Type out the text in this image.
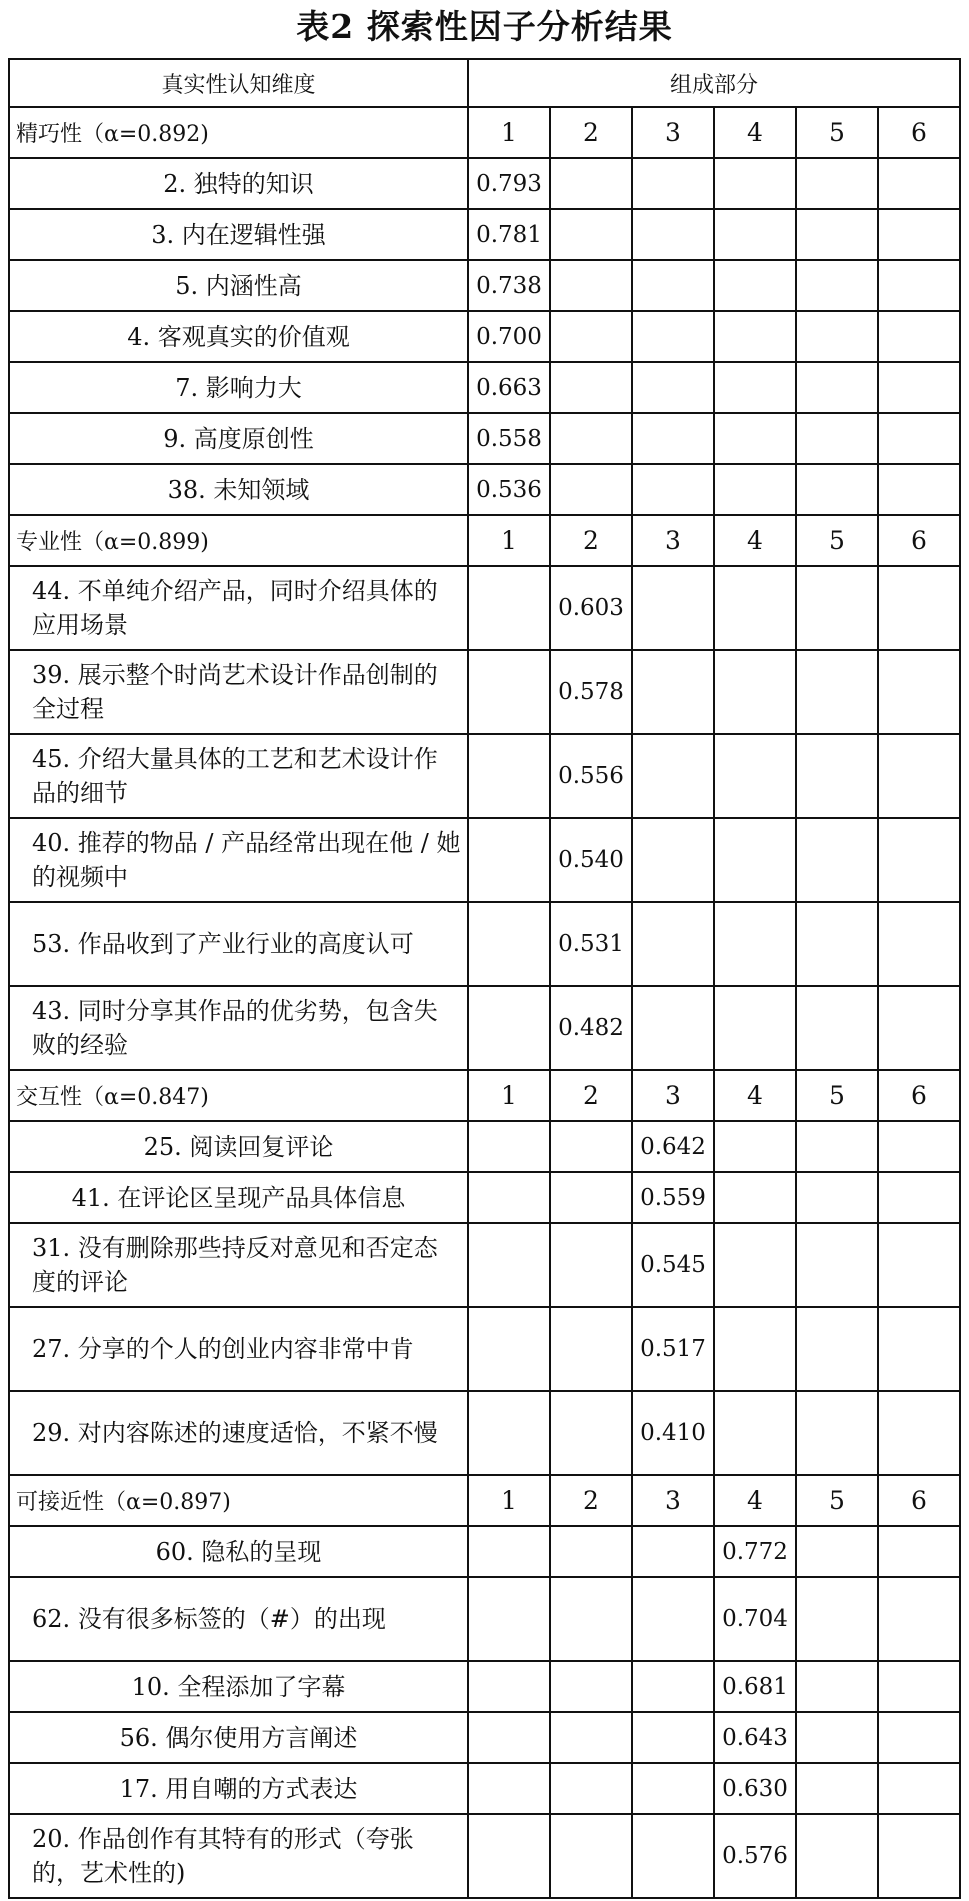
表2 探索性因子分析结果
真实性认知维度	组成部分					
精巧性（α=0.892)	1	2	3	4	5	6
2. 独特的知识	0.793					
3. 内在逻辑性强	0.781					
5. 内涵性高	0.738					
4. 客观真实的价值观	0.700					
7. 影响力大	0.663					
9. 高度原创性	0.558					
38. 未知领域	0.536					
专业性（α=0.899)	1	2	3	4	5	6
44. 不单纯介绍产品，同时介绍具体的应用场景		0.603				
39. 展示整个时尚艺术设计作品创制的全过程		0.578				
45. 介绍大量具体的工艺和艺术设计作品的细节		0.556				
40. 推荐的物品 / 产品经常出现在他 / 她的视频中		0.540				
53. 作品收到了产业行业的高度认可		0.531				
43. 同时分享其作品的优劣势，包含失败的经验		0.482				
交互性（α=0.847)	1	2	3	4	5	6
25. 阅读回复评论			0.642			
41. 在评论区呈现产品具体信息			0.559			
31. 没有删除那些持反对意见和否定态度的评论			0.545			
27. 分享的个人的创业内容非常中肯			0.517			
29. 对内容陈述的速度适恰，不紧不慢			0.410			
可接近性（α=0.897)	1	2	3	4	5	6
60. 隐私的呈现				0.772		
62. 没有很多标签的（#）的出现				0.704		
10. 全程添加了字幕				0.681		
56. 偶尔使用方言阐述				0.643		
17. 用自嘲的方式表达				0.630		
20. 作品创作有其特有的形式（夸张的，艺术性的)				0.576		
